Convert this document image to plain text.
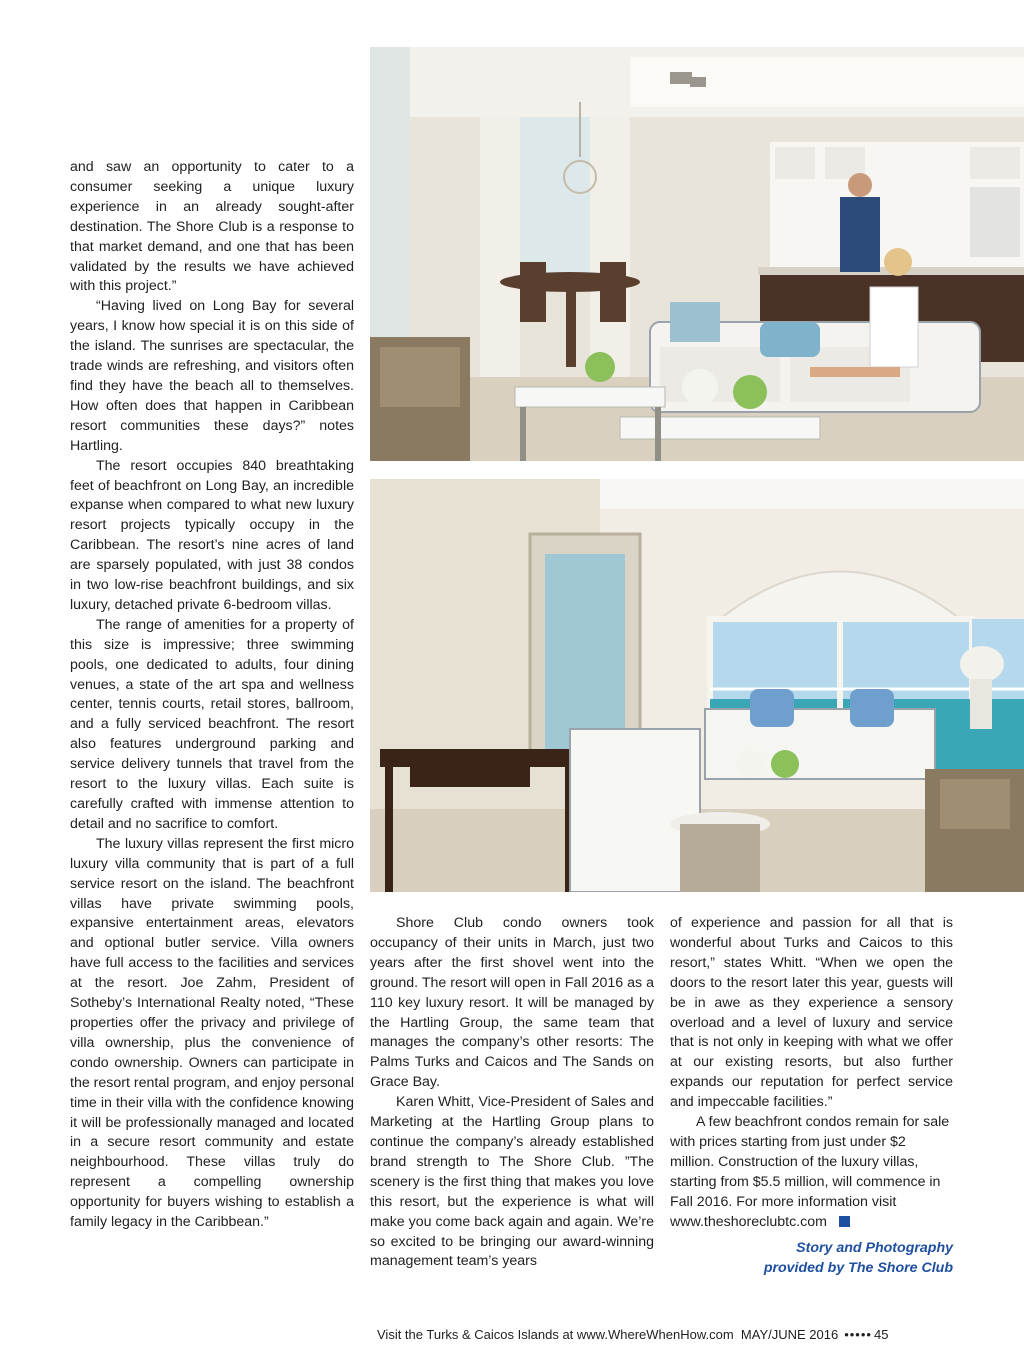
and saw an opportunity to cater to a consumer seeking a unique luxury experience in an already sought-after destination. The Shore Club is a response to that market demand, and one that has been validated by the results we have achieved with this project.”

“Having lived on Long Bay for several years, I know how special it is on this side of the island. The sunrises are spectacular, the trade winds are refreshing, and visitors often find they have the beach all to themselves. How often does that happen in Caribbean resort communities these days?” notes Hartling.

The resort occupies 840 breathtaking feet of beachfront on Long Bay, an incredible expanse when compared to what new luxury resort projects typically occupy in the Caribbean. The resort’s nine acres of land are sparsely populated, with just 38 condos in two low-rise beachfront buildings, and six luxury, detached private 6-bedroom villas.

The range of amenities for a property of this size is impressive; three swimming pools, one dedicated to adults, four dining venues, a state of the art spa and wellness center, tennis courts, retail stores, ballroom, and a fully serviced beachfront. The resort also features underground parking and service delivery tunnels that travel from the resort to the luxury villas. Each suite is carefully crafted with immense attention to detail and no sacrifice to comfort.

The luxury villas represent the first micro luxury villa community that is part of a full service resort on the island. The beachfront villas have private swimming pools, expansive entertainment areas, elevators and optional butler service. Villa owners have full access to the facilities and services at the resort. Joe Zahm, President of Sotheby’s International Realty noted, “These properties offer the privacy and privilege of villa ownership, plus the convenience of condo ownership. Owners can participate in the resort rental program, and enjoy personal time in their villa with the confidence knowing it will be professionally managed and located in a secure resort community and estate neighbourhood. These villas truly do represent a compelling ownership opportunity for buyers wishing to establish a family legacy in the Caribbean.”

Shore Club condo owners took occupancy of their units in March, just two years after the first shovel went into the ground. The resort will open in Fall 2016 as a 110 key luxury resort. It will be managed by the Hartling Group, the same team that manages the company’s other resorts: The Palms Turks and Caicos and The Sands on Grace Bay.

Karen Whitt, Vice-President of Sales and Marketing at the Hartling Group plans to continue the company’s already established brand strength to The Shore Club. ”The scenery is the first thing that makes you love this resort, but the experience is what will make you come back again and again. We’re so excited to be bringing our award-winning management team’s years

of experience and passion for all that is wonderful about Turks and Caicos to this resort,” states Whitt. “When we open the doors to the resort later this year, guests will be in awe as they experience a sensory overload and a level of luxury and service that is not only in keeping with what we offer at our existing resorts, but also further expands our reputation for perfect service and impeccable facilities.”

A few beachfront condos remain for sale with prices starting from just under $2 million. Construction of the luxury villas, starting from $5.5 million, will commence in Fall 2016. For more information visit www.theshoreclubtc.com

Story and Photography
provided by The Shore Club
Visit the Turks & Caicos Islands at www.WhereWhenHow.com MAY/JUNE 2016 ••••• 45
